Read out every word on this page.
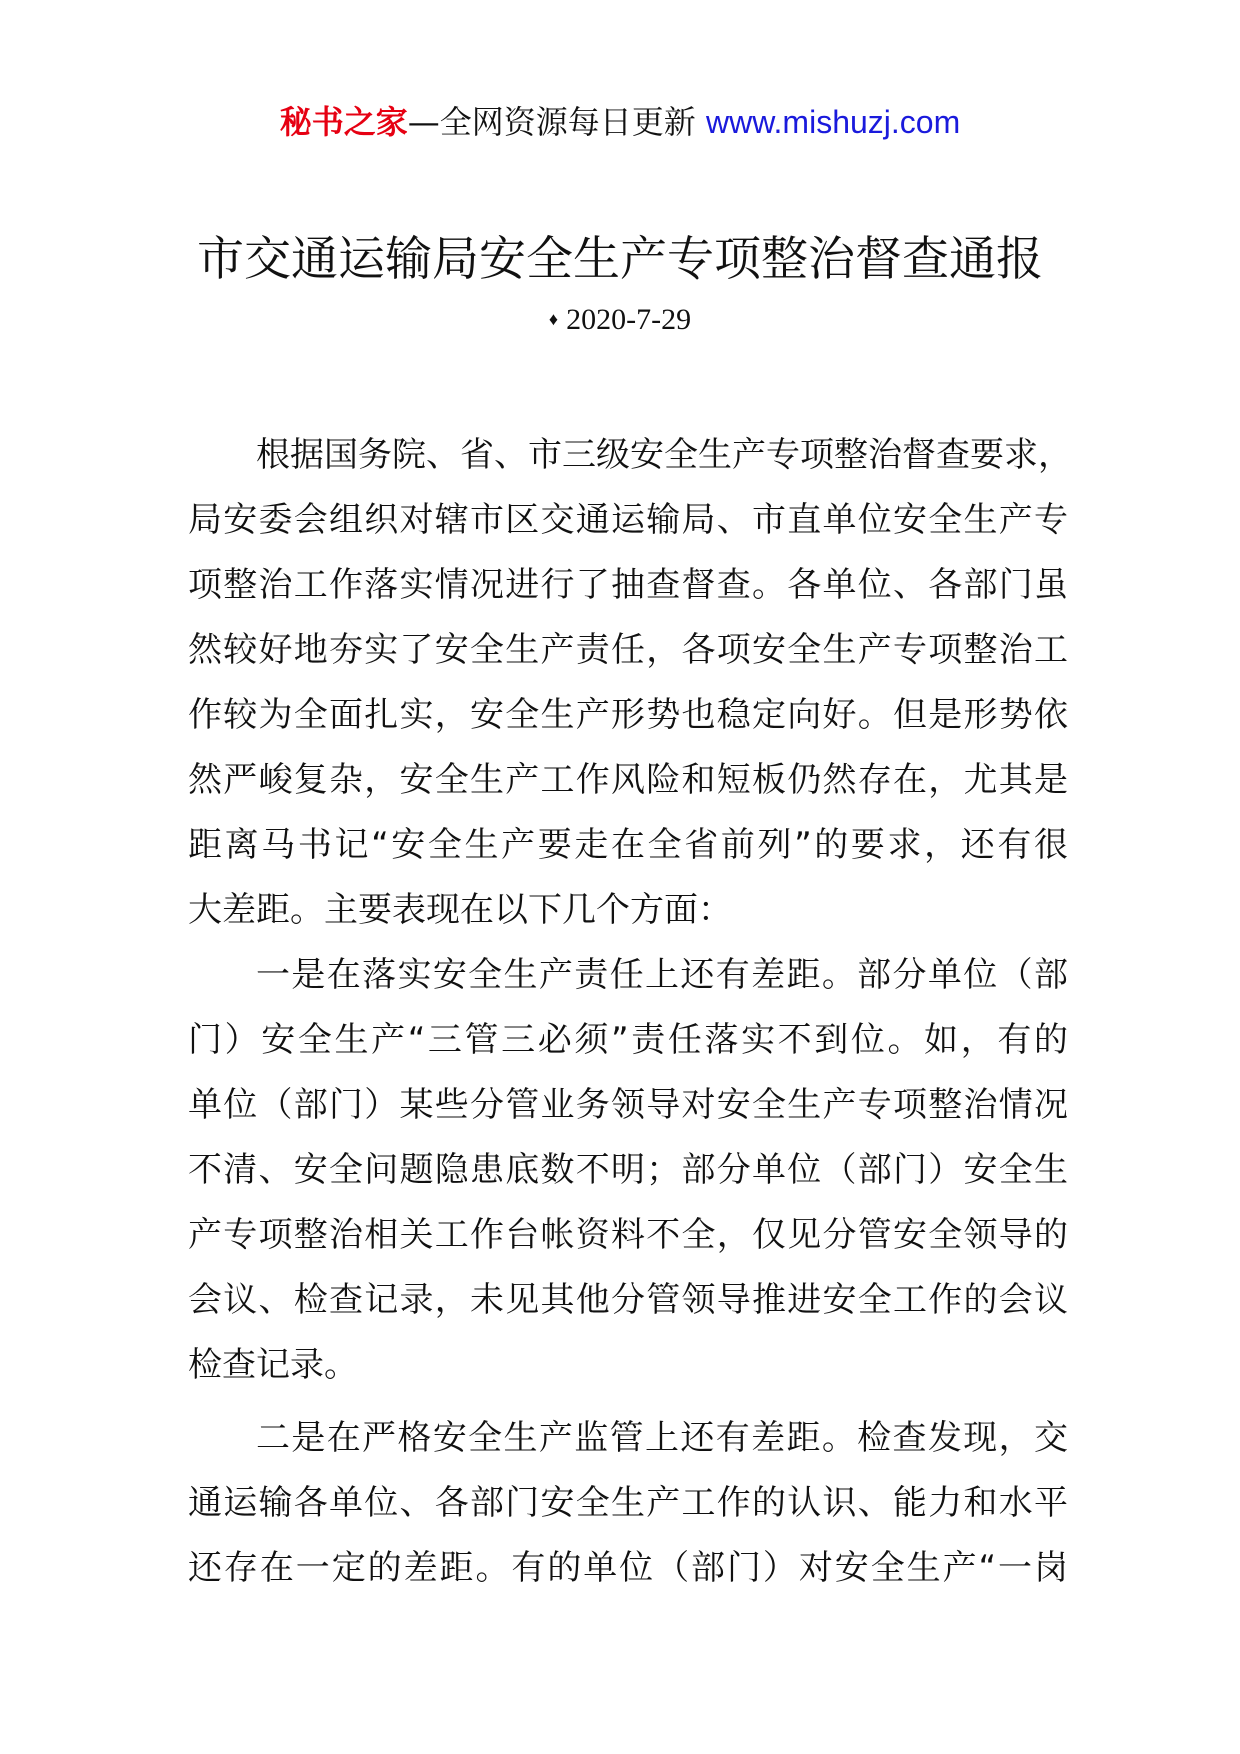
秘书之家—全网资源每日更新 www.mishuzj.com
市交通运输局安全生产专项整治督查通报
♦ 2020-7-29
根据国务院、省、市三级安全生产专项整治督查要求，
局安委会组织对辖市区交通运输局、市直单位安全生产专
项整治工作落实情况进行了抽查督查。各单位、各部门虽
然较好地夯实了安全生产责任，各项安全生产专项整治工
作较为全面扎实，安全生产形势也稳定向好。但是形势依
然严峻复杂，安全生产工作风险和短板仍然存在，尤其是
距离马书记“安全生产要走在全省前列”的要求，还有很
大差距。主要表现在以下几个方面：
一是在落实安全生产责任上还有差距。部分单位（部
门）安全生产“三管三必须”责任落实不到位。如，有的
单位（部门）某些分管业务领导对安全生产专项整治情况
不清、安全问题隐患底数不明；部分单位（部门）安全生
产专项整治相关工作台帐资料不全，仅见分管安全领导的
会议、检查记录，未见其他分管领导推进安全工作的会议
检查记录。
二是在严格安全生产监管上还有差距。检查发现，交
通运输各单位、各部门安全生产工作的认识、能力和水平
还存在一定的差距。有的单位（部门）对安全生产“一岗
